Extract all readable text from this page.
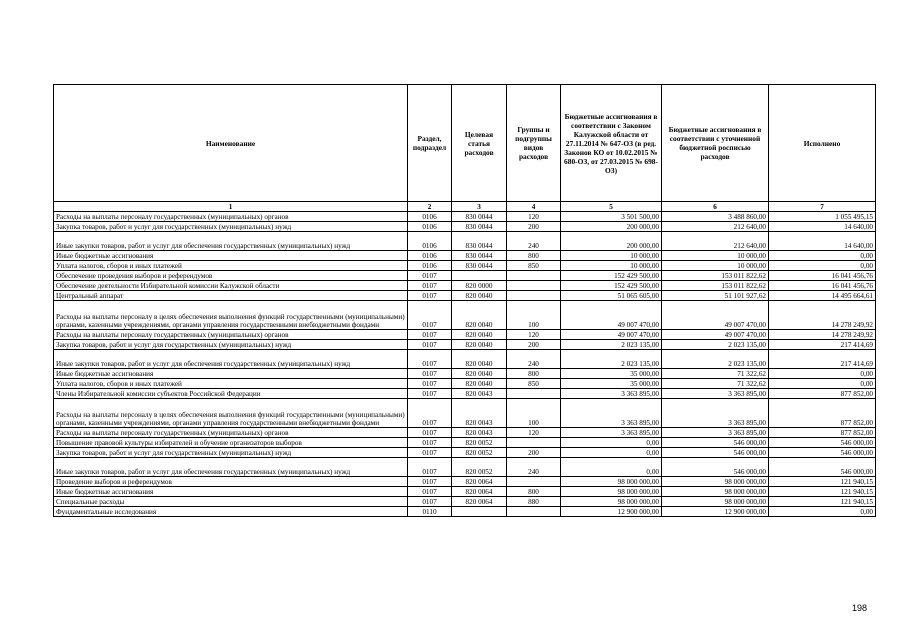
Наименование	Раздел, подраздел	Целевая статья расходов	Группы и подгруппы видов расходов	Бюджетные ассигнования в соответствии с Законом Калужской области от 27.11.2014 № 647-ОЗ (в ред. Законов КО от 10.02.2015 № 680-ОЗ, от 27.03.2015 № 698-ОЗ)	Бюджетные ассигнования в соответствии с уточненной бюджетной росписью расходов	Исполнено
1	2	3	4	5	6	7
Расходы на выплаты персоналу государственных (муниципальных) органов	0106	830 0044	120	3 501 500,00	3 488 860,00	1 055 495,15
Закупка товаров, работ и услуг для государственных (муниципальных) нужд	0106	830 0044	200	200 000,00	212 640,00	14 640,00
Иные закупки товаров, работ и услуг для обеспечения государственных (муниципальных) нужд	0106	830 0044	240	200 000,00	212 640,00	14 640,00
Иные бюджетные ассигнования	0106	830 0044	800	10 000,00	10 000,00	0,00
Уплата налогов, сборов и иных платежей	0106	830 0044	850	10 000,00	10 000,00	0,00
Обеспечение проведения выборов и референдумов	0107			152 429 500,00	153 011 822,62	16 041 456,76
Обеспечение деятельности Избирательной комиссии Калужской области	0107	820 0000		152 429 500,00	153 011 822,62	16 041 456,76
Центральный аппарат	0107	820 0040		51 065 605,00	51 101 927,62	14 495 664,61
Расходы на выплаты персоналу в целях обеспечения выполнения функций государственными (муниципальными) органами, казенными учреждениями, органами управления государственными внебюджетными фондами	0107	820 0040	100	49 007 470,00	49 007 470,00	14 278 249,92
Расходы на выплаты персоналу государственных (муниципальных) органов	0107	820 0040	120	49 007 470,00	49 007 470,00	14 278 249,92
Закупка товаров, работ и услуг для государственных (муниципальных) нужд	0107	820 0040	200	2 023 135,00	2 023 135,00	217 414,69
Иные закупки товаров, работ и услуг для обеспечения государственных (муниципальных) нужд	0107	820 0040	240	2 023 135,00	2 023 135,00	217 414,69
Иные бюджетные ассигнования	0107	820 0040	800	35 000,00	71 322,62	0,00
Уплата налогов, сборов и иных платежей	0107	820 0040	850	35 000,00	71 322,62	0,00
Члены Избирательной комиссии субъектов Российской Федерации	0107	820 0043		3 363 895,00	3 363 895,00	877 852,00
Расходы на выплаты персоналу в целях обеспечения выполнения функций государственными (муниципальными) органами, казенными учреждениями, органами управления государственными внебюджетными фондами	0107	820 0043	100	3 363 895,00	3 363 895,00	877 852,00
Расходы на выплаты персоналу государственных (муниципальных) органов	0107	820 0043	120	3 363 895,00	3 363 895,00	877 852,00
Повышение правовой культуры избирателей и обучение организаторов выборов	0107	820 0052		0,00	546 000,00	546 000,00
Закупка товаров, работ и услуг для государственных (муниципальных) нужд	0107	820 0052	200	0,00	546 000,00	546 000,00
Иные закупки товаров, работ и услуг для обеспечения государственных (муниципальных) нужд	0107	820 0052	240	0,00	546 000,00	546 000,00
Проведение выборов и референдумов	0107	820 0064		98 000 000,00	98 000 000,00	121 940,15
Иные бюджетные ассигнования	0107	820 0064	800	98 000 000,00	98 000 000,00	121 940,15
Специальные расходы	0107	820 0064	880	98 000 000,00	98 000 000,00	121 940,15
Фундаментальные исследования	0110			12 900 000,00	12 900 000,00	0,00
198
